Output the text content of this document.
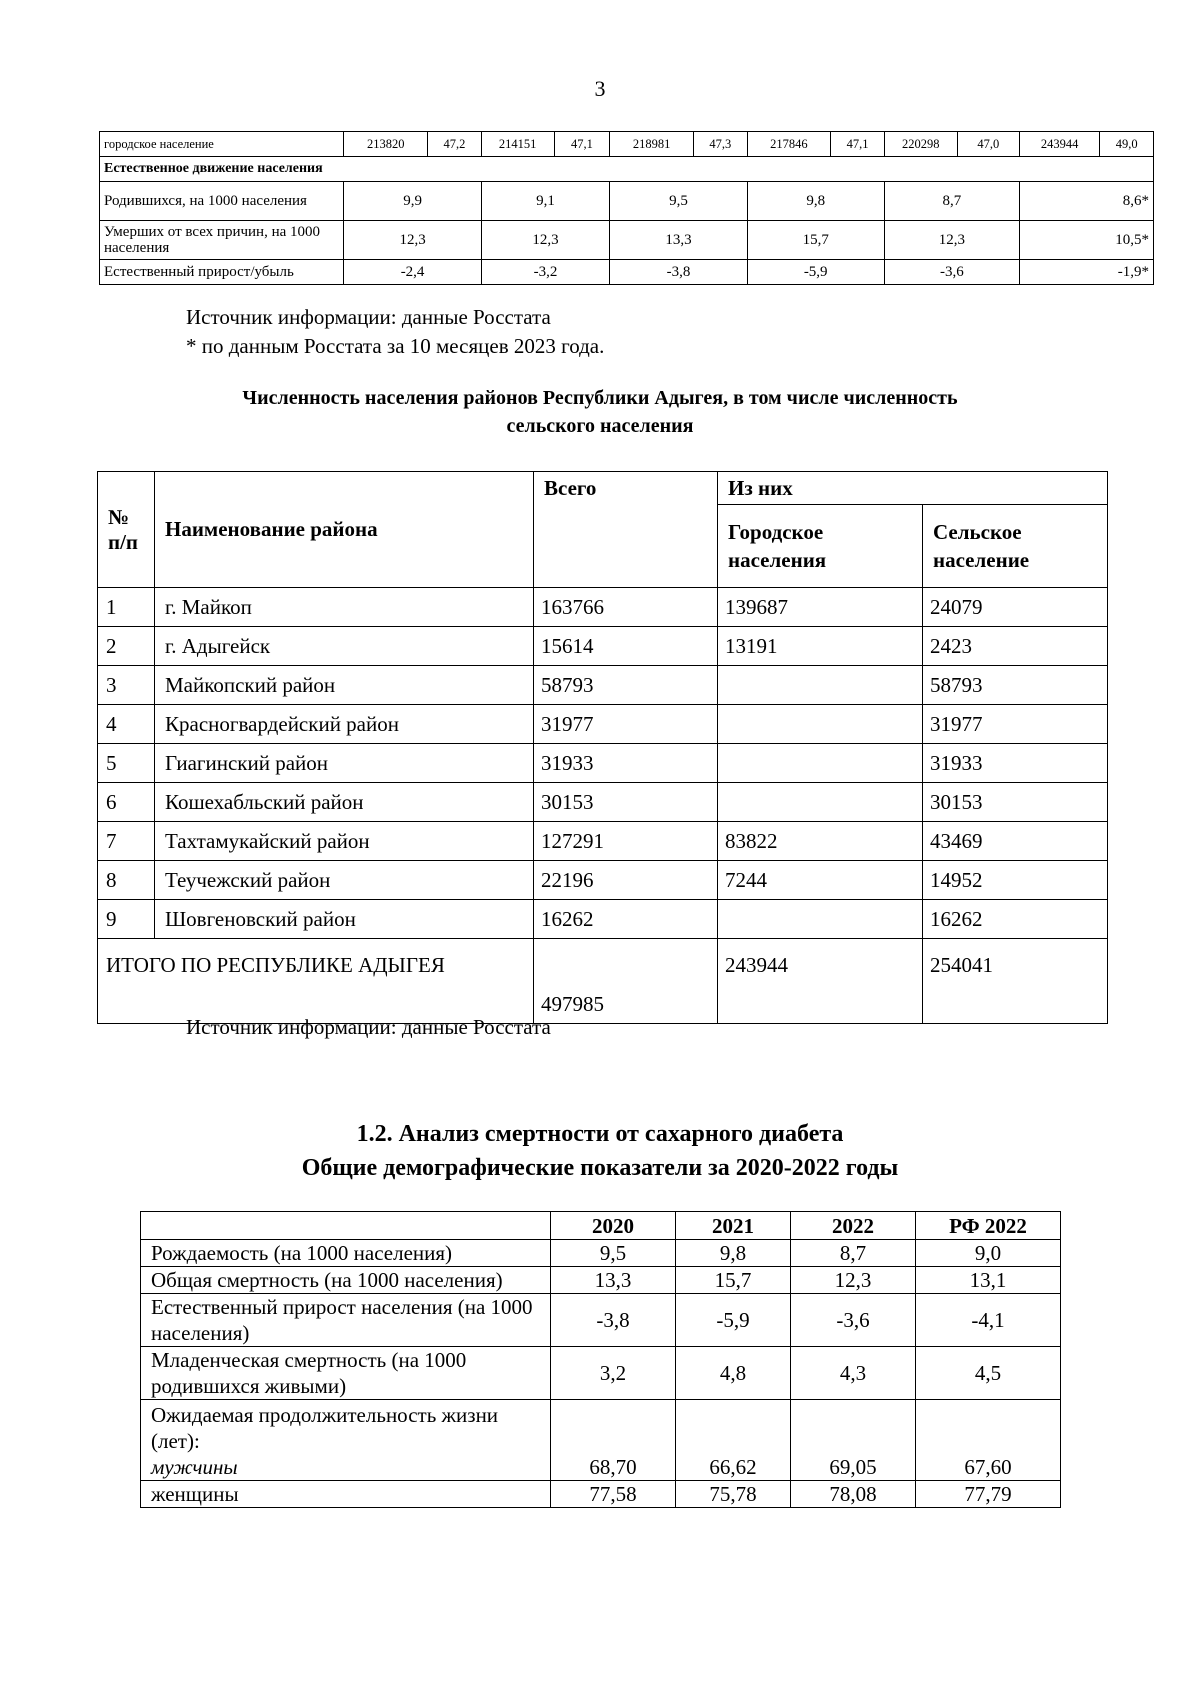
3
городское население	213820	47,2	214151	47,1	218981	47,3	217846	47,1	220298	47,0	243944	49,0
Естественное движение населения												
Родившихся, на 1000 населения	9,9		9,1		9,5		9,8		8,7		8,6*	
Умерших от всех причин, на 1000 населения	12,3		12,3		13,3		15,7		12,3		10,5*	
Естественный прирост/убыль	-2,4		-3,2		-3,8		-5,9		-3,6		-1,9*	
Источник информации: данные Росстата
* по данным Росстата за 10 месяцев 2023 года.
Численность населения районов Республики Адыгея, в том числе численность
сельского населения
№ п/п	Наименование района	Всего	Из них	
			Городское населения	Сельское население
1	г. Майкоп	163766	139687	24079
2	г. Адыгейск	15614	13191	2423
3	Майкопский район	58793		58793
4	Красногвардейский район	31977		31977
5	Гиагинский район	31933		31933
6	Кошехабльский район	30153		30153
7	Тахтамукайский район	127291	83822	43469
8	Теучежский район	22196	7244	14952
9	Шовгеновский район	16262		16262
ИТОГО ПО РЕСПУБЛИКЕ АДЫГЕЯ		497985	243944	254041
Источник информации: данные Росстата
1.2. Анализ смертности от сахарного диабета
Общие демографические показатели за 2020-2022 годы
	2020	2021	2022	РФ 2022
Рождаемость (на 1000 населения)	9,5	9,8	8,7	9,0
Общая смертность (на 1000 населения)	13,3	15,7	12,3	13,1
Естественный прирост населения (на 1000 населения)	-3,8	-5,9	-3,6	-4,1
Младенческая смертность (на 1000 родившихся живыми)	3,2	4,8	4,3	4,5

Ожидаемая продолжительность жизни (лет):
мужчины	68,70	66,62	69,05	67,60
женщины	77,58	75,78	78,08	77,79
